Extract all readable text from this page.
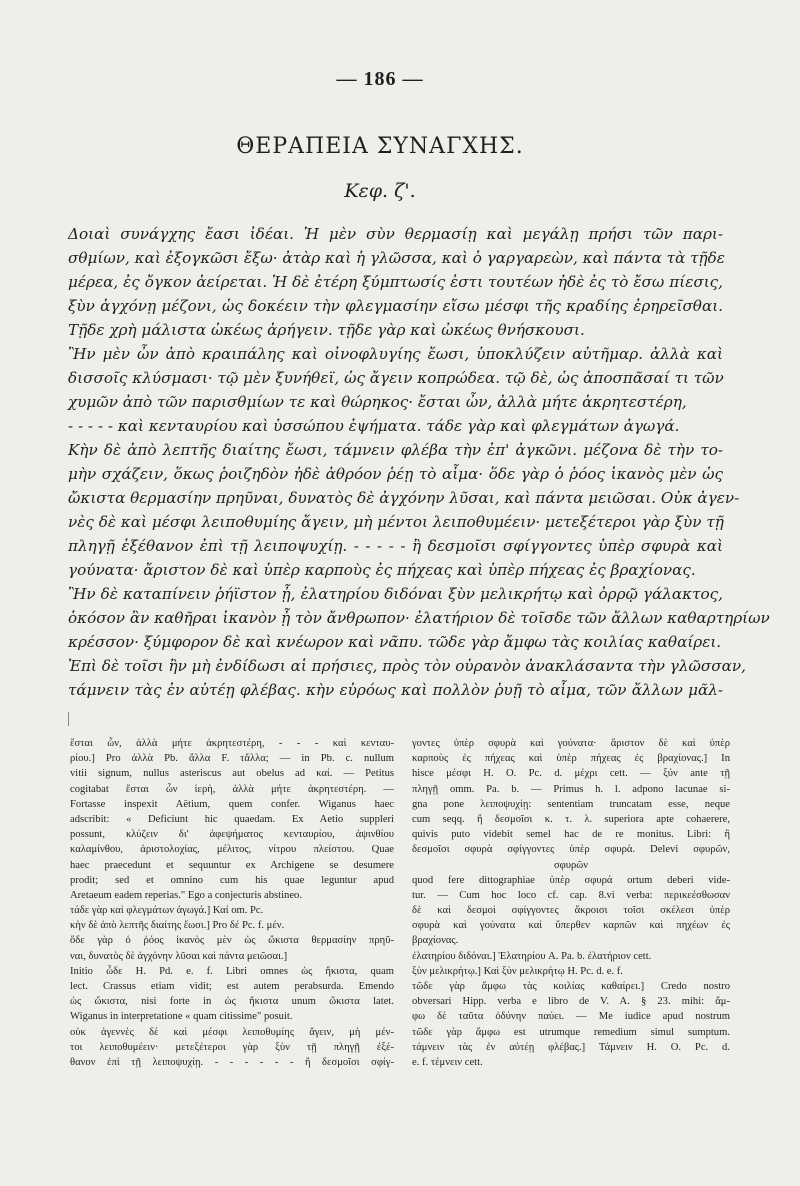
— 186 —
ΘΕΡΑΠΕΙΑ ΣΥΝΑΓΧΗΣ.
Κεφ. ζ'.
Δοιαὶ συνάγχης ἔασι ἰδέαι. Ἡ μὲν σὺν θερμασίῃ καὶ μεγάλῃ πρήσι τῶν παρι-
σθμίων, καὶ ἐξογκῶσι ἔξω· ἀτὰρ καὶ ἡ γλῶσσα, καὶ ὁ γαργαρεὼν, καὶ πάντα τὰ τῇδε
μέρεα, ἐς ὄγκον ἀείρεται. Ἡ δὲ ἑτέρη ξύμπτωσίς ἐστι τουτέων ἠδὲ ἐς τὸ ἔσω πίεσις,
ξὺν ἀγχόνῃ μέζονι, ὡς δοκέειν τὴν φλεγμασίην εἴσω μέσφι τῆς κραδίης ἐρηρεῖσθαι.
Τῇδε χρὴ μάλιστα ὠκέως ἀρήγειν. τῇδε γὰρ καὶ ὠκέως θνήσκουσι.
Ἢν μὲν ὦν ἀπὸ κραιπάλης καὶ οἰνοφλυγίης ἔωσι, ὑποκλύζειν αὐτῆμαρ. ἀλλὰ καὶ
δισσοῖς κλύσμασι· τῷ μὲν ξυνήθεϊ, ὡς ἄγειν κοπρώδεα. τῷ δὲ, ὡς ἀποσπᾶσαί τι τῶν
χυμῶν ἀπὸ τῶν παρισθμίων τε καὶ θώρηκος· ἔσται ὦν, ἀλλὰ μήτε ἀκρητεστέρη,
- - - - - καὶ κενταυρίου καὶ ὑσσώπου ἑψήματα. τάδε γὰρ καὶ φλεγμάτων ἀγωγά.
Κὴν δὲ ἀπὸ λεπτῆς διαίτης ἔωσι, τάμνειν φλέβα τὴν ἐπ' ἀγκῶνι. μέζονα δὲ τὴν το-
μὴν σχάζειν, ὅκως ῥοιζηδὸν ἠδὲ ἀθρόον ῥέῃ τὸ αἷμα· ὅδε γὰρ ὁ ῥόος ἱκανὸς μὲν ὡς
ὤκιστα θερμασίην πρηῦναι, δυνατὸς δὲ ἀγχόνην λῦσαι, καὶ πάντα μειῶσαι. Οὐκ ἀγεν-
νὲς δὲ καὶ μέσφι λειποθυμίης ἄγειν, μὴ μέντοι λειποθυμέειν· μετεξέτεροι γὰρ ξὺν τῇ
πληγῇ ἐξέθανον ἐπὶ τῇ λειποψυχίῃ. - - - - - ἢ δεσμοῖσι σφίγγοντες ὑπὲρ σφυρὰ καὶ
γούνατα· ἄριστον δὲ καὶ ὑπὲρ καρποὺς ἐς πήχεας καὶ ὑπὲρ πήχεας ἐς βραχίονας.
Ἢν δὲ καταπίνειν ῥήϊστον ᾖ, ἐλατηρίου διδόναι ξὺν μελικρήτῳ καὶ ὀρρῷ γάλακτος,
ὁκόσον ἂν καθῆραι ἱκανὸν ᾖ τὸν ἄνθρωπον· ἐλατήριον δὲ τοῖσδε τῶν ἄλλων καθαρτηρίων
κρέσσον· ξύμφορον δὲ καὶ κνέωρον καὶ νᾶπυ. τῶδε γὰρ ἄμφω τὰς κοιλίας καθαίρει.
Ἐπὶ δὲ τοῖσι ἢν μὴ ἐνδίδωσι αἱ πρήσιες, πρὸς τὸν οὐρανὸν ἀνακλάσαντα τὴν γλῶσσαν,
τάμνειν τὰς ἐν αὐτέῃ φλέβας. κὴν εὐρόως καὶ πολλὸν ῥυῇ τὸ αἷμα, τῶν ἄλλων μᾶλ-
ἔσται ὦν, ἀλλὰ μήτε ἀκρητεστέρη, - - - καὶ κενταυ-
ρίου.] Pro ἀλλὰ Pb. ἄλλα F. τἄλλα; — in Pb. c. nullum
vitii signum, nullus asteriscus aut obelus ad καί. — Petitus
cogitabat ἔσται ὦν ἱερὴ, ἀλλὰ μήτε ἀκρητεστέρη. —
Fortasse inspexit Aëtium, quem confer. Wiganus haec
adscribit: « Deficiunt hic quaedam. Ex Aetio suppleri
possunt, κλύζειν δι' ἀφεψήματος κενταυρίου, ἀψινθίου
καλαμίνθου, ἀριστολοχίας, μέλιτος, νίτρου πλείστου. Quae
haec praecedunt et sequuntur ex Archigene se desumere
prodit; sed et omnino cum his quae leguntur apud
Aretaeum eadem reperias." Ego a conjecturis abstineo.
τάδε γὰρ καὶ φλεγμάτων ἀγωγά.] Καί om. Pc.
κὴν δὲ ἀπὸ λεπτῆς διαίτης ἔωσι.] Pro δέ Pc. f. μέν.
ὅδε γὰρ ὁ ῥόος ἱκανὸς μὲν ὡς ὤκιστα θερμασίην πρηῦ-
ναι, δυνατὸς δὲ ἀγχόνην λῦσαι καὶ πάντα μειῶσαι.]
Initio ὧδε H. Pd. e. f. Libri omnes ὡς ἥκιστα, quam
lect. Crassus etiam vidit; est autem perabsurda. Emendo
ὡς ὤκιστα, nisi forte in ὡς ἥκιστα unum ὤκιστα latet.
Wiganus in interpretatione « quam citissime" posuit.
οὐκ ἀγεννὲς δὲ καὶ μέσφι λειποθυμίης ἄγειν, μὴ μέν-
τοι λειποθυμέειν· μετεξέτεροι γὰρ ξὺν τῇ πληγῇ ἐξέ-
θανον ἐπὶ τῇ λειποψυχίῃ. - - - - - - ἢ δεσμοῖσι σφίγ-
γοντες ὑπὲρ σφυρὰ καὶ γούνατα· ἄριστον δὲ καὶ ὑπὲρ
καρποὺς ἐς πήχεας καὶ ὑπὲρ πήχεας ἐς βραχίονας.] In
hisce μέσφι H. O. Pc. d. μέχρι cett. — ξύν ante τῇ
πληγῇ omm. Pa. b. — Primus h. l. adpono lacunae si-
gna pone λειποψυχίῃ: sententiam truncatam esse, neque
cum seqq. ἢ δεσμοῖσι κ. τ. λ. superiora apte cohaerere,
quivis puto videbit semel hac de re monitus. Libri: ἢ
δεσμοῖσι σφυρὰ σφίγγοντες ὑπὲρ σφυρὰ. Delevi σφυρῶν,
σφυρῶν
quod fere dittographiae ὑπὲρ σφυρά ortum deberi vide-
tur. — Cum hoc loco cf. cap. 8.vi verba: περικεέσθωσαν
δὲ καὶ δεσμοὶ σφίγγοντες ἄκροισι τοῖσι σκέλεσι ὑπὲρ
σφυρὰ καὶ γούνατα καὶ ὕπερθεν καρπῶν καὶ πηχέων ἐς
βραχίονας.
ἐλατηρίου διδόναι.] Ἐλατηρίου A. Pa. b. ἐλατήριον cett.
ξὺν μελικρήτῳ.] Καὶ ξὺν μελικρήτῳ H. Pc. d. e. f.
τῶδε γὰρ ἄμφω τὰς κοιλίας καθαίρει.] Credo nostro
obversari Hipp. verba e libro de V. A. § 23. mihi: ἄμ-
φω δὲ ταῦτα ὀδύνην παύει. — Me iudice apud nostrum
τῶδε γὰρ ἄμφω est utrumque remedium simul sumptum.
τάμνειν τὰς ἐν αὐτέῃ φλέβας.] Τάμνειν H. O. Pc. d.
e. f. τέμνειν cett.
